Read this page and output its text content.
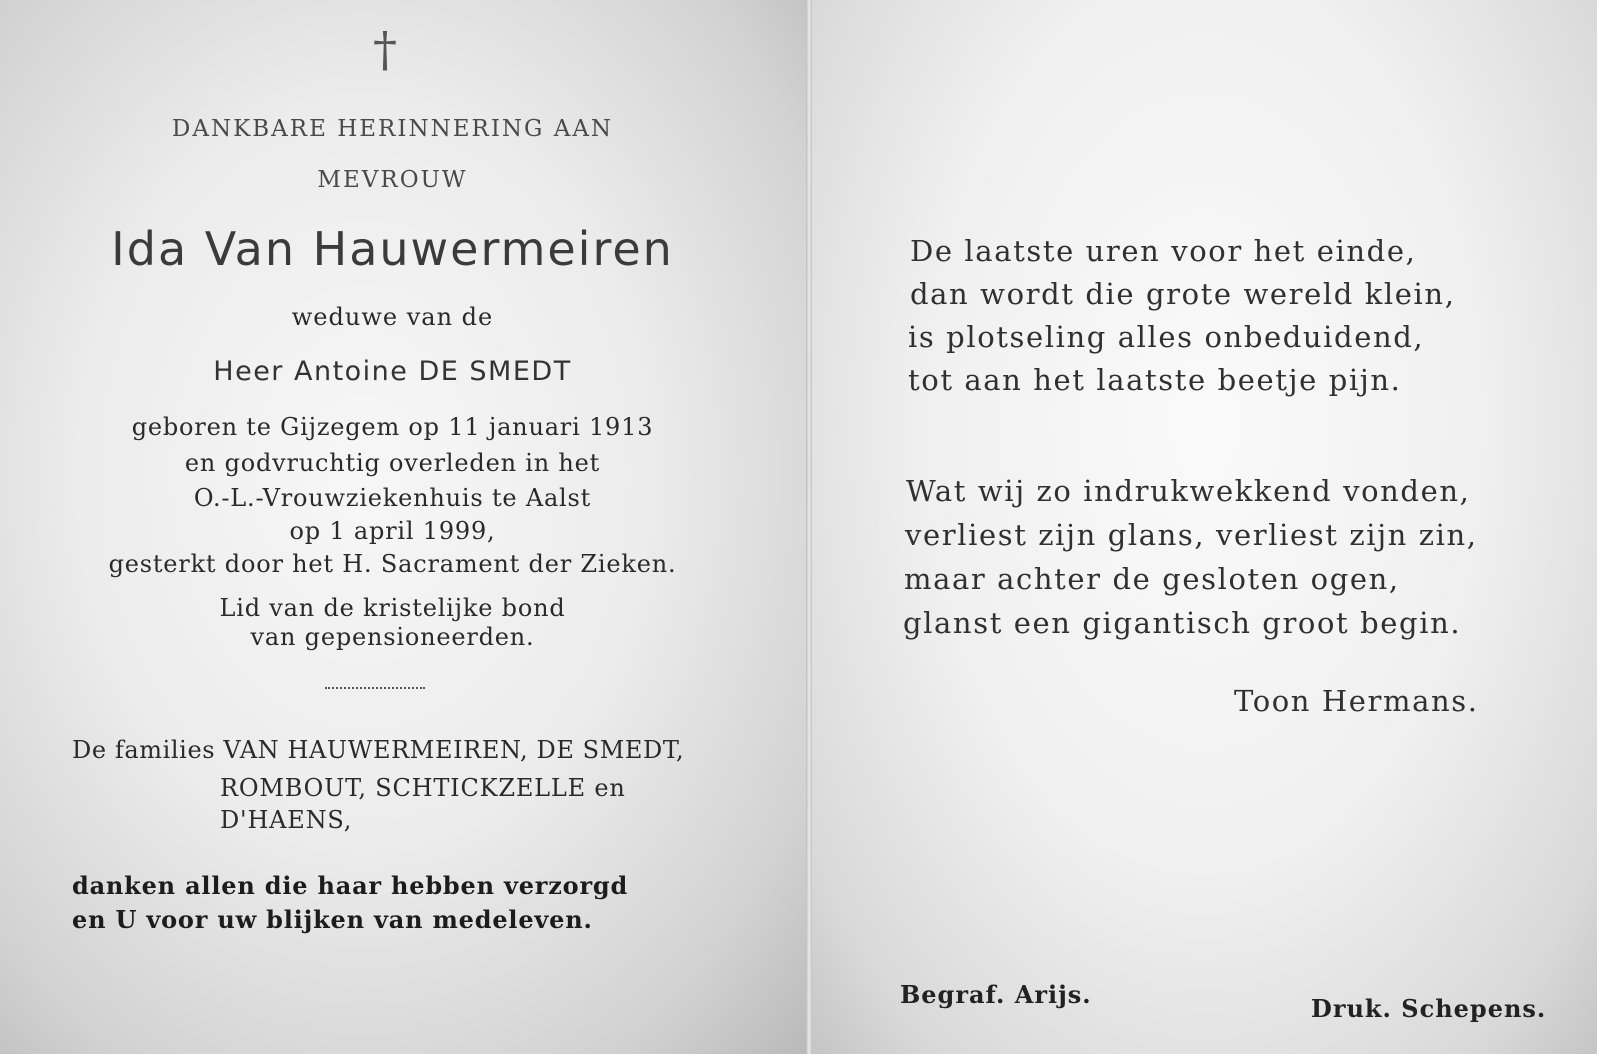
†
DANKBARE HERINNERING AAN
MEVROUW
Ida Van Hauwermeiren
weduwe van de
Heer Antoine DE SMEDT
geboren te Gijzegem op 11 januari 1913
en godvruchtig overleden in het
O.-L.-Vrouwziekenhuis te Aalst
op 1 april 1999,
gesterkt door het H. Sacrament der Zieken.
Lid van de kristelijke bond
van gepensioneerden.
De families VAN HAUWERMEIREN, DE SMEDT,
ROMBOUT, SCHTICKZELLE en
D'HAENS,
danken allen die haar hebben verzorgd
en U voor uw blijken van medeleven.
De laatste uren voor het einde,
dan wordt die grote wereld klein,
is plotseling alles onbeduidend,
tot aan het laatste beetje pijn.
Wat wij zo indrukwekkend vonden,
verliest zijn glans, verliest zijn zin,
maar achter de gesloten ogen,
glanst een gigantisch groot begin.
Toon Hermans.
Begraf. Arijs.	Druk. Schepens.
